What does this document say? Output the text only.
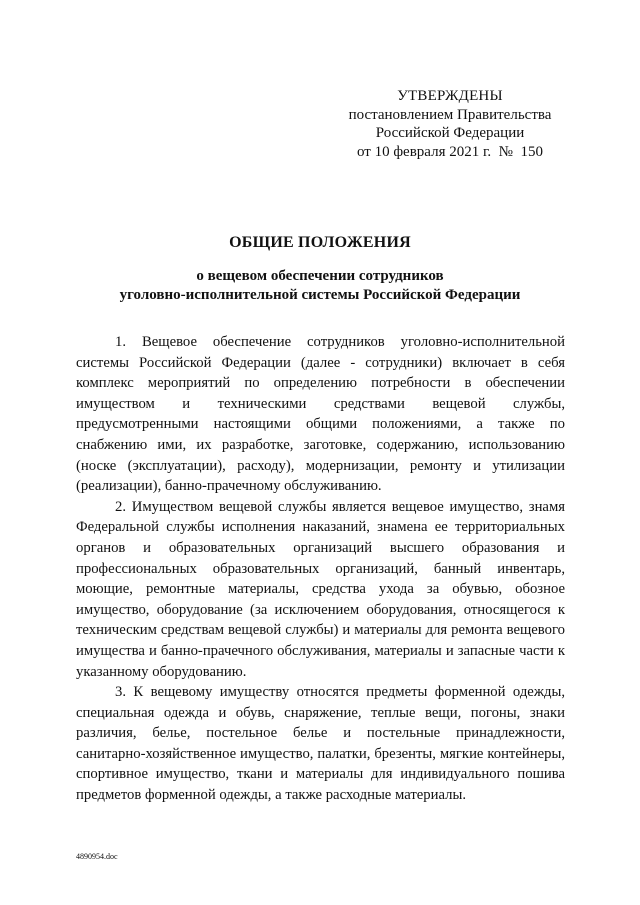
УТВЕРЖДЕНЫ
постановлением Правительства
Российской Федерации
от 10 февраля 2021 г.  №  150
ОБЩИЕ ПОЛОЖЕНИЯ
о вещевом обеспечении сотрудников
уголовно-исполнительной системы Российской Федерации

1. Вещевое обеспечение сотрудников уголовно-исполнительной системы Российской Федерации (далее - сотрудники) включает в себя комплекс мероприятий по определению потребности в обеспечении имуществом и техническими средствами вещевой службы, предусмотренными настоящими общими положениями, а также по снабжению ими, их разработке, заготовке, содержанию, использованию (носке (эксплуатации), расходу), модернизации, ремонту и утилизации (реализации), банно-прачечному обслуживанию.

2. Имуществом вещевой службы является вещевое имущество, знамя Федеральной службы исполнения наказаний, знамена ее территориальных органов и образовательных организаций высшего образования и профессиональных образовательных организаций, банный инвентарь, моющие, ремонтные материалы, средства ухода за обувью, обозное имущество, оборудование (за исключением оборудования, относящегося к техническим средствам вещевой службы) и материалы для ремонта вещевого имущества и банно-прачечного обслуживания, материалы и запасные части к указанному оборудованию.

3. К вещевому имуществу относятся предметы форменной одежды, специальная одежда и обувь, снаряжение, теплые вещи, погоны, знаки различия, белье, постельное белье и постельные принадлежности, санитарно-хозяйственное имущество, палатки, брезенты, мягкие контейнеры, спортивное имущество, ткани и материалы для индивидуального пошива предметов форменной одежды, а также расходные материалы.

4890954.doc
